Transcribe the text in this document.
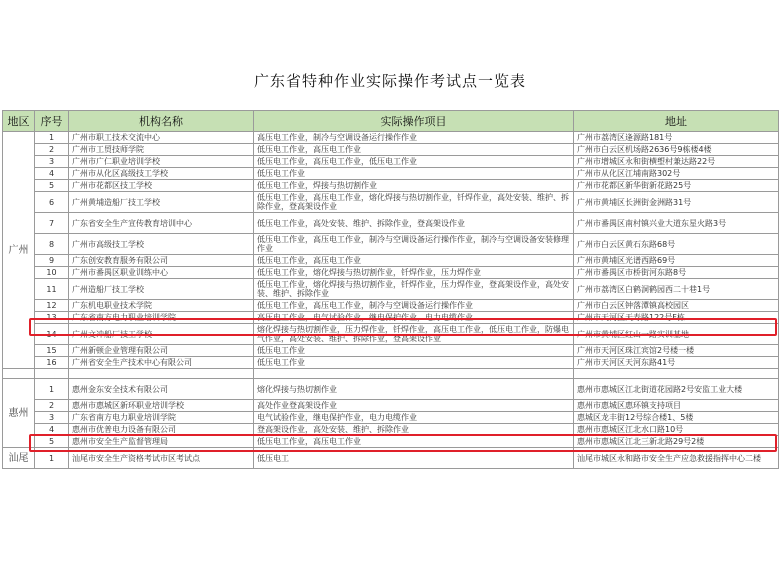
广东省特种作业实际操作考试点一览表
地区	序号	机构名称	实际操作项目	地址
广州	1	广州市职工技术交流中心	高压电工作业，制冷与空调设备运行操作作业	广州市荔湾区逢源路181号
	2	广州市工贸技师学院	低压电工作业，高压电工作业	广州市白云区机场路2636号9栋楼4楼
	3	广州市广仁职业培训学校	低压电工作业，高压电工作业，低压电工作业	广州市增城区永和街横塱村兼达路22号
	4	广州市从化区高级技工学校	低压电工作业	广州市从化区江埔南路302号
	5	广州市花都区技工学校	低压电工作业，焊接与热切割作业	广州市花都区新华街新花路25号
	6	广州黄埔造船厂技工学校	低压电工作业，高压电工作业，熔化焊接与热切割作业，钎焊作业，高处安装、维护、拆除作业，登高架设作业	广州市黄埔区长洲街金洲路31号
	7	广东省安全生产宣传教育培训中心	低压电工作业，高处安装、维护、拆除作业，登高架设作业	广州市番禺区南村镇兴业大道东星火路3号
	8	广州市高级技工学校	低压电工作业，高压电工作业，制冷与空调设备运行操作作业，制冷与空调设备安装修理作业	广州市白云区黄石东路68号
	9	广东创安教育服务有限公司	低压电工作业，高压电工作业	广州市黄埔区光谱西路69号
	10	广州市番禺区职业训练中心	低压电工作业，熔化焊接与热切割作业，钎焊作业，压力焊作业	广州市番禺区市桥街河东路8号
	11	广州造船厂技工学校	低压电工作业，熔化焊接与热切割作业，钎焊作业，压力焊作业，登高架设作业，高处安装、维护、拆除作业	广州市荔湾区白鹤洞鹤园西二十巷1号
	12	广东机电职业技术学院	低压电工作业，高压电工作业，制冷与空调设备运行操作作业	广州市白云区钟落潭镇高校园区
	13	广东省南方电力职业培训学院	高压电工作业，电气试验作业，继电保护作业，电力电缆作业	广州市天河区天寿路122号F栋
	14	广州文冲船厂技工学校	熔化焊接与热切割作业，压力焊作业，钎焊作业，高压电工作业，低压电工作业，防爆电气作业，高处安装、维护、拆除作业，登高架设作业	广州市黄埔区红山一路实训基地
	15	广州新顿企业管理有限公司	低压电工作业	广州市天河区珠江宾馆2号楼一楼
	16	广州省安全生产技术中心有限公司	低压电工作业	广州市天河区天河东路41号

惠州	1	惠州金东安全技术有限公司	熔化焊接与热切割作业	惠州市惠城区江北街道花园路2号安监工业大楼
	2	惠州市惠城区新环职业培训学校	高处作业登高架设作业	惠州市惠城区惠环镇支持项目
	3	广东省南方电力职业培训学院	电气试验作业，继电保护作业，电力电缆作业	惠城区龙丰街12号综合楼1、5楼
	4	惠州市优普电力设备有限公司	登高架设作业，高处安装、维护、拆除作业	惠州市惠城区江北水口路10号
	5	惠州市安全生产监督管理局	低压电工作业，高压电工作业	惠州市惠城区江北三新北路29号2楼
汕尾	1	汕尾市安全生产资格考试市区考试点	低压电工	汕尾市城区永和路市安全生产应急救援指挥中心二楼
